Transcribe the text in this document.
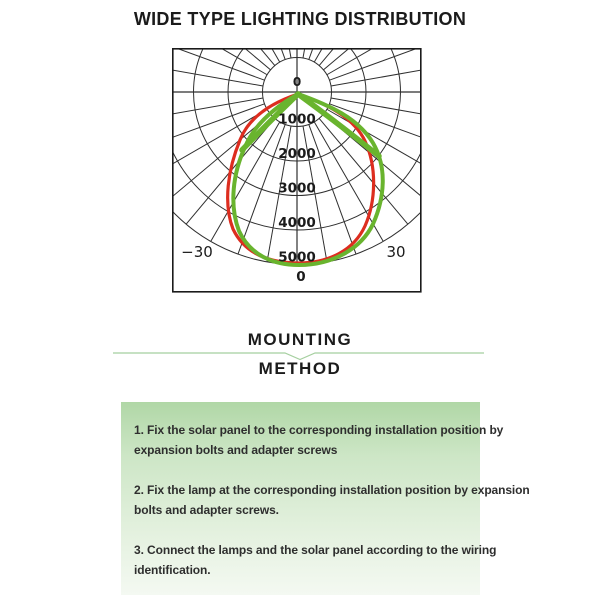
WIDE TYPE LIGHTING DISTRIBUTION
0
1000
2000
3000
4000
5000
−30
0
30
MOUNTING
METHOD
1. Fix the solar panel to the corresponding installation position by
expansion bolts and adapter screws
2. Fix the lamp at the corresponding installation position by expansion
bolts and adapter screws.
3. Connect the lamps and the solar panel according to the wiring
identification.
